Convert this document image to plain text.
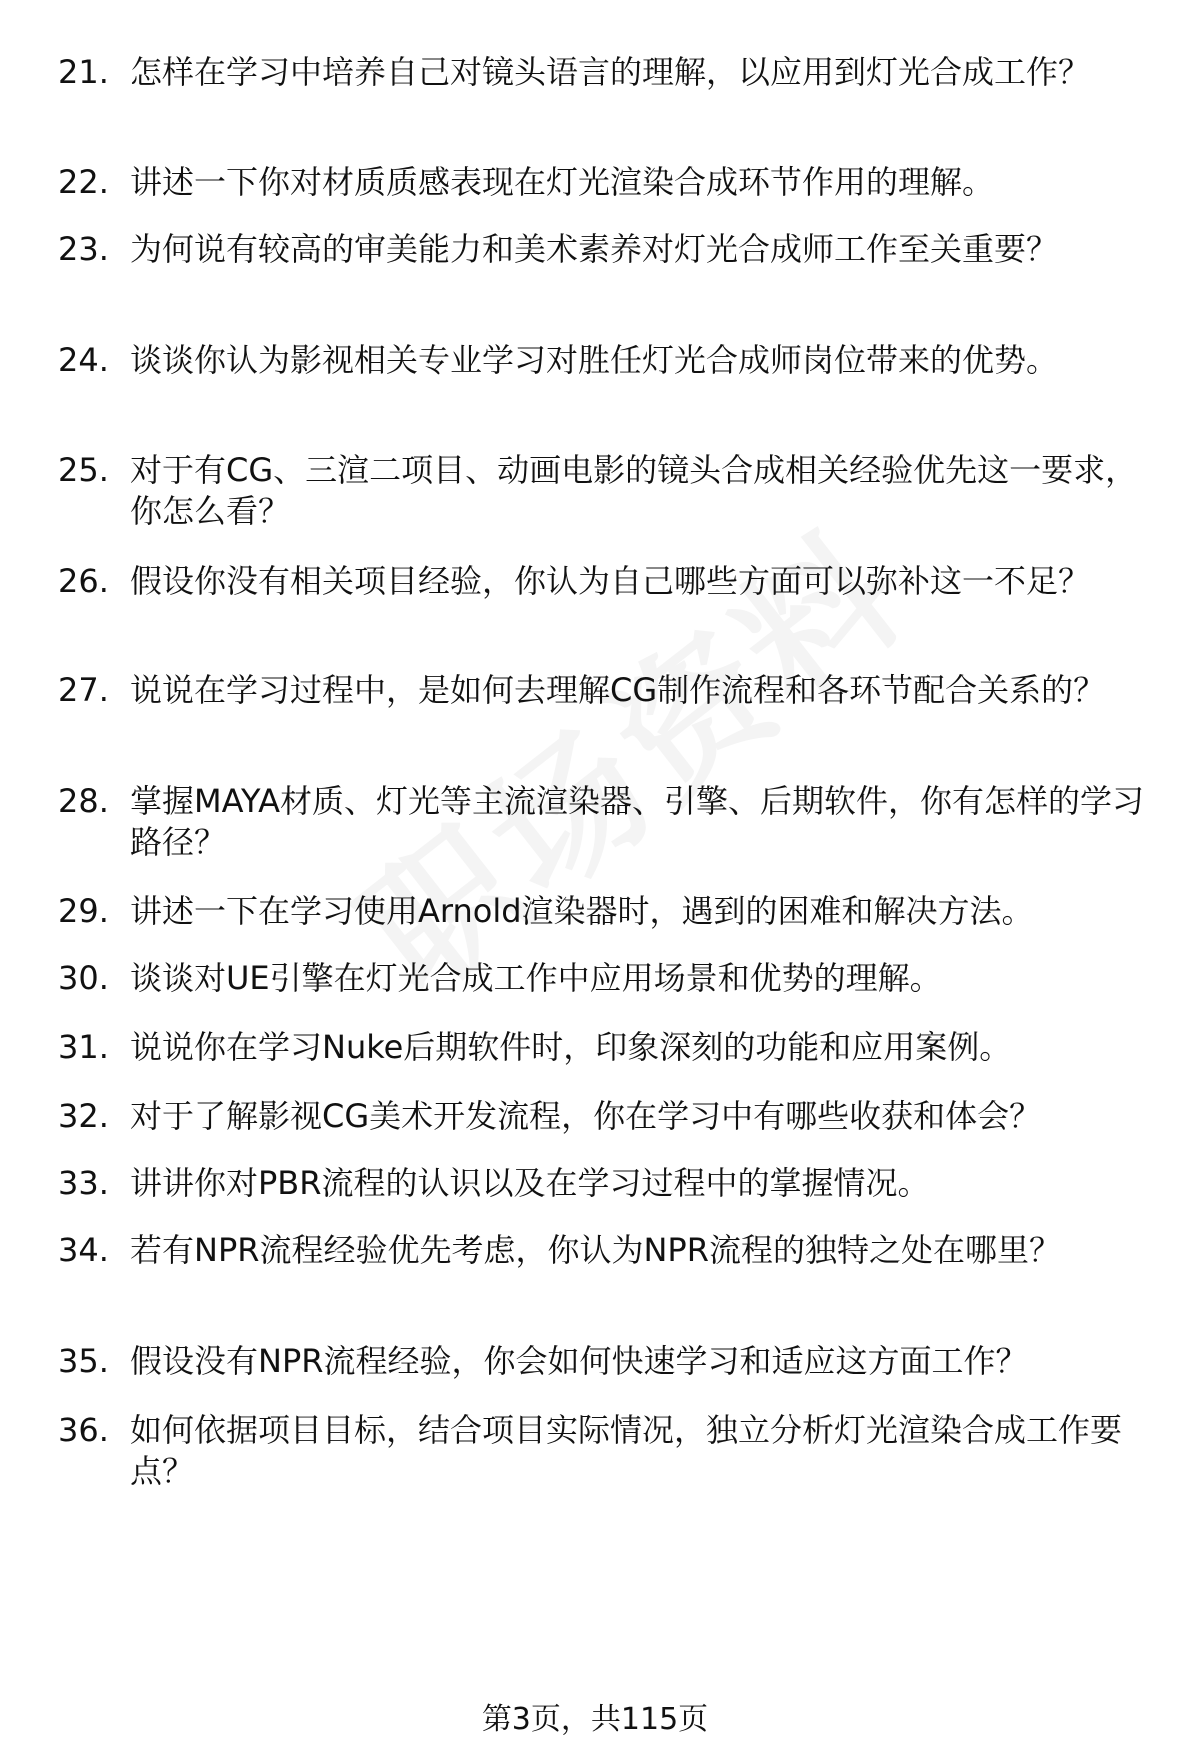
21. 怎样在学习中培养自己对镜头语言的理解，以应用到灯光合成工作？
22. 讲述一下你对材质质感表现在灯光渲染合成环节作用的理解。
23. 为何说有较高的审美能力和美术素养对灯光合成师工作至关重要？
24. 谈谈你认为影视相关专业学习对胜任灯光合成师岗位带来的优势。
25. 对于有CG、三渲二项目、动画电影的镜头合成相关经验优先这一要求，你怎么看？
26. 假设你没有相关项目经验，你认为自己哪些方面可以弥补这一不足？
27. 说说在学习过程中，是如何去理解CG制作流程和各环节配合关系的？
28. 掌握MAYA材质、灯光等主流渲染器、引擎、后期软件，你有怎样的学习路径？
29. 讲述一下在学习使用Arnold渲染器时，遇到的困难和解决方法。
30. 谈谈对UE引擎在灯光合成工作中应用场景和优势的理解。
31. 说说你在学习Nuke后期软件时，印象深刻的功能和应用案例。
32. 对于了解影视CG美术开发流程，你在学习中有哪些收获和体会？
33. 讲讲你对PBR流程的认识以及在学习过程中的掌握情况。
34. 若有NPR流程经验优先考虑，你认为NPR流程的独特之处在哪里？
35. 假设没有NPR流程经验，你会如何快速学习和适应这方面工作？
36. 如何依据项目目标，结合项目实际情况，独立分析灯光渲染合成工作要点？
第3页，共115页
